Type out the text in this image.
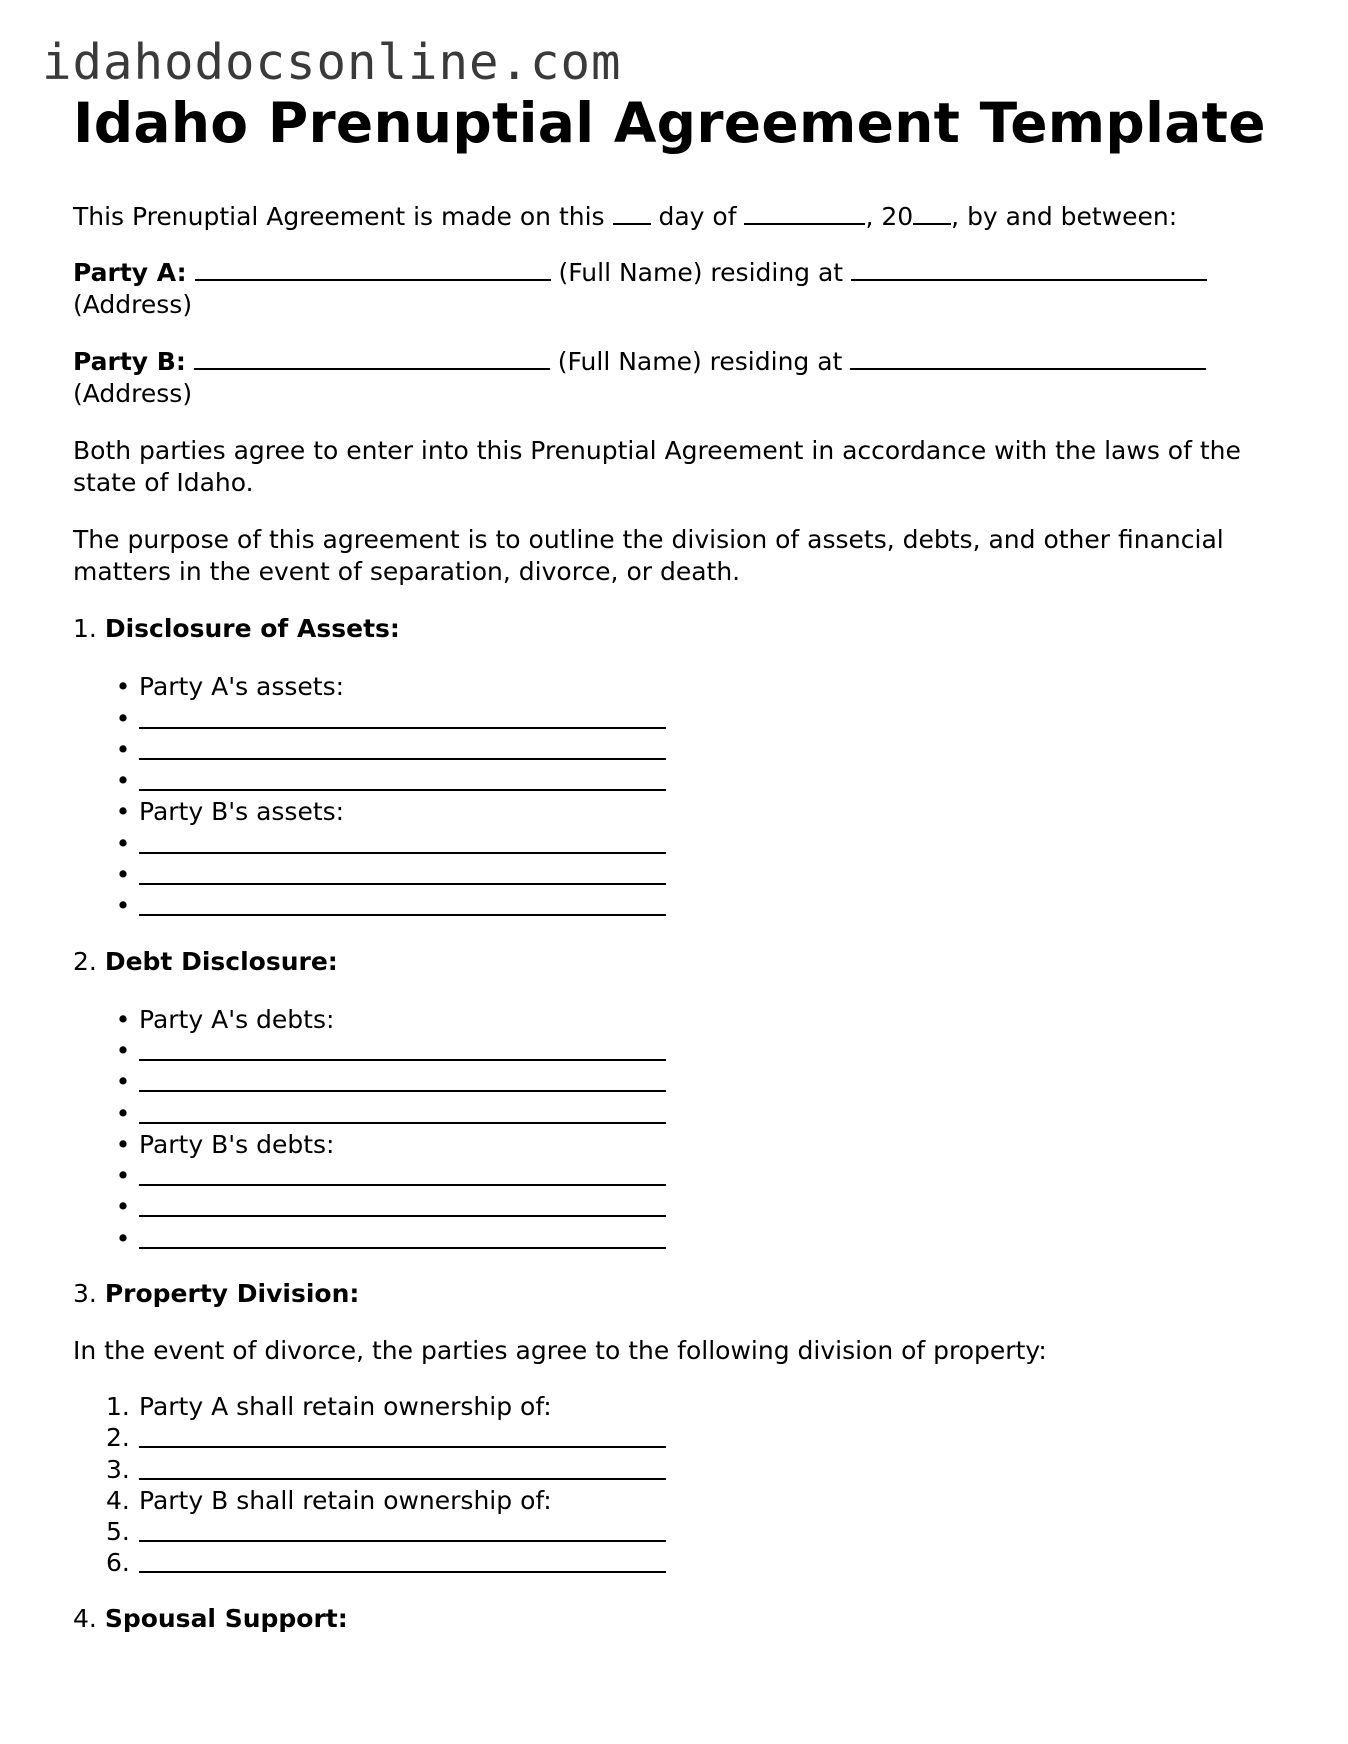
idahodocsonline.com
Idaho Prenuptial Agreement Template

This Prenuptial Agreement is made on this  day of	, 20 , by and between:

Party A:	(Full Name) residing at
(Address)

Party B:	(Full Name) residing at
(Address)

Both parties agree to enter into this Prenuptial Agreement in accordance with the laws of the state of Idaho.

The purpose of this agreement is to outline the division of assets, debts, and other financial matters in the event of separation, divorce, or death.

1. Disclosure of Assets:
• Party A's assets:
•
•
•
• Party B's assets:
•
•
•
2. Debt Disclosure:
• Party A's debts:
•
•
•
• Party B's debts:
•
•
•
3. Property Division:

In the event of divorce, the parties agree to the following division of property:

1. Party A shall retain ownership of:
2.
3.
4. Party B shall retain ownership of:
5.
6.
4. Spousal Support:
